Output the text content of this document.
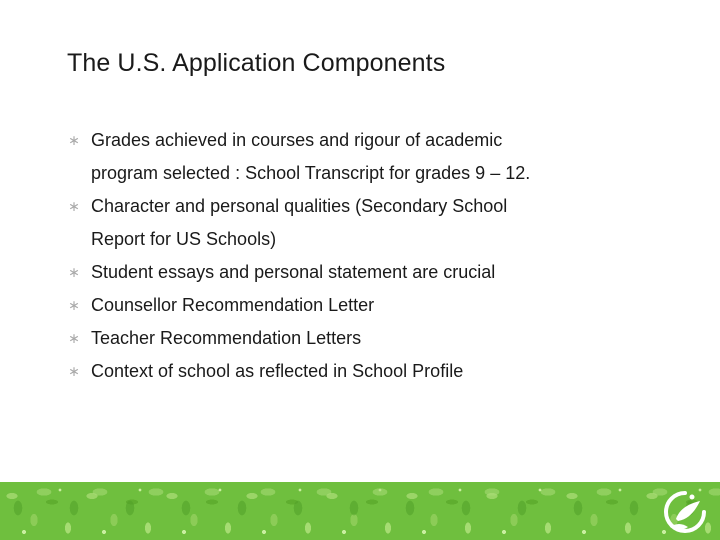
The U.S. Application Components
∗ Grades achieved in courses and rigour of academic
program selected : School Transcript for grades 9 – 12.
∗ Character and personal qualities (Secondary School
Report for US Schools)
∗ Student essays and personal statement are crucial
∗ Counsellor Recommendation Letter
∗ Teacher Recommendation Letters
∗ Context of school as reflected in School Profile
